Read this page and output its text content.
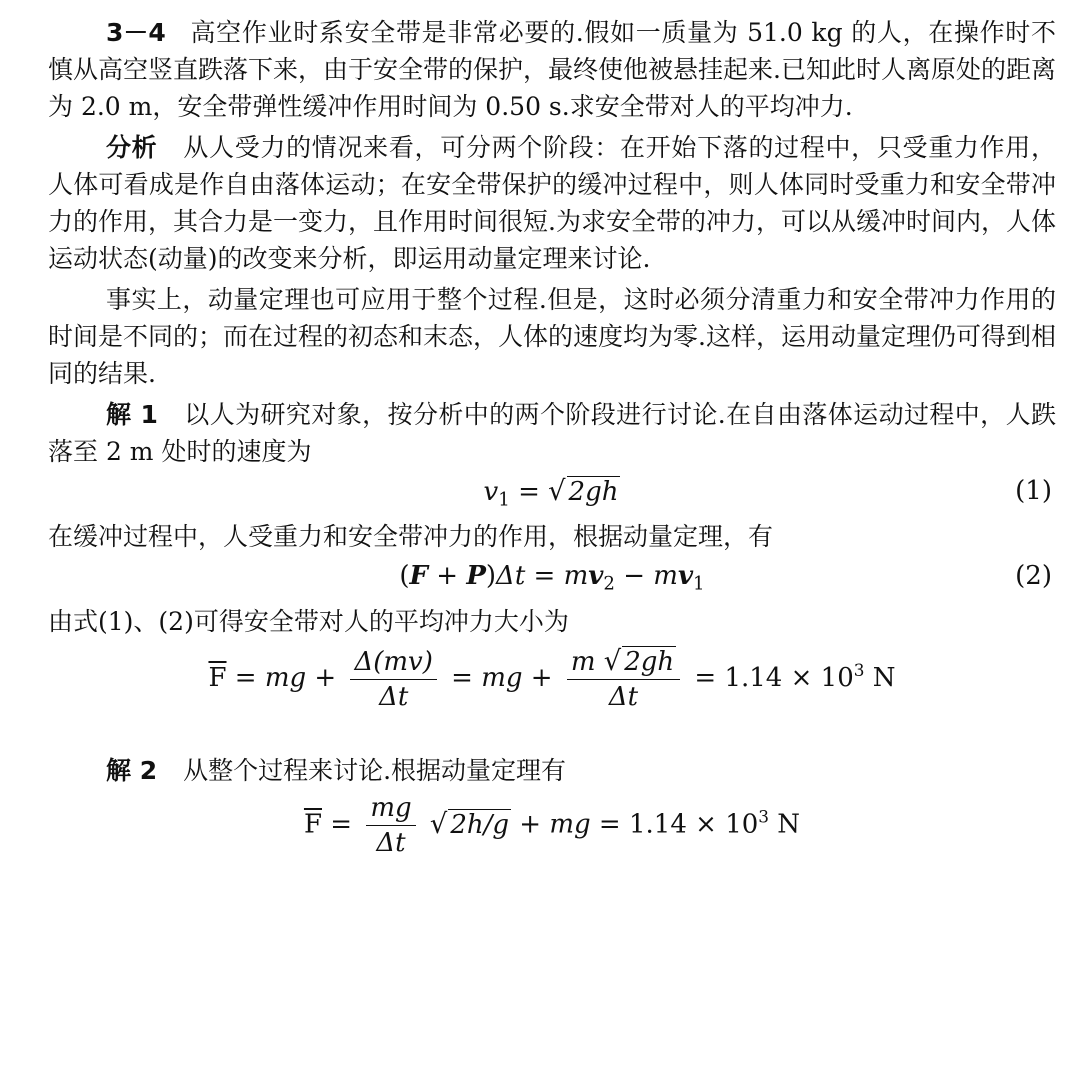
3－4 高空作业时系安全带是非常必要的.假如一质量为 51.0 kg 的人，在操作时不慎从高空竖直跌落下来，由于安全带的保护，最终使他被悬挂起来.已知此时人离原处的距离为 2.0 m，安全带弹性缓冲作用时间为 0.50 s.求安全带对人的平均冲力.

分析 从人受力的情况来看，可分两个阶段：在开始下落的过程中，只受重力作用，人体可看成是作自由落体运动；在安全带保护的缓冲过程中，则人体同时受重力和安全带冲力的作用，其合力是一变力，且作用时间很短.为求安全带的冲力，可以从缓冲时间内，人体运动状态(动量)的改变来分析，即运用动量定理来讨论.

事实上，动量定理也可应用于整个过程.但是，这时必须分清重力和安全带冲力作用的时间是不同的；而在过程的初态和末态，人体的速度均为零.这样，运用动量定理仍可得到相同的结果.

解 1 以人为研究对象，按分析中的两个阶段进行讨论.在自由落体运动过程中，人跌落至 2 m 处时的速度为

$v_1$ = √ 2gh	(1)

在缓冲过程中，人受重力和安全带冲力的作用，根据动量定理，有

$(F + P)\Delta t = mv_2 - mv_1$	(2)

由式(1)、(2)可得安全带对人的平均冲力大小为

$\overline{F}$ = mg + $\frac{\Delta(mv)}{\Delta t}$ = mg + $\frac{m √ 2gh}{\Delta t} = 1.14 \times 10^3$ N

解 2 从整个过程来讨论.根据动量定理有

$\overline{F} = \frac{mg}{\Delta t}$ √ 2h/g + mg = $1.14 \times 10^3$ N
